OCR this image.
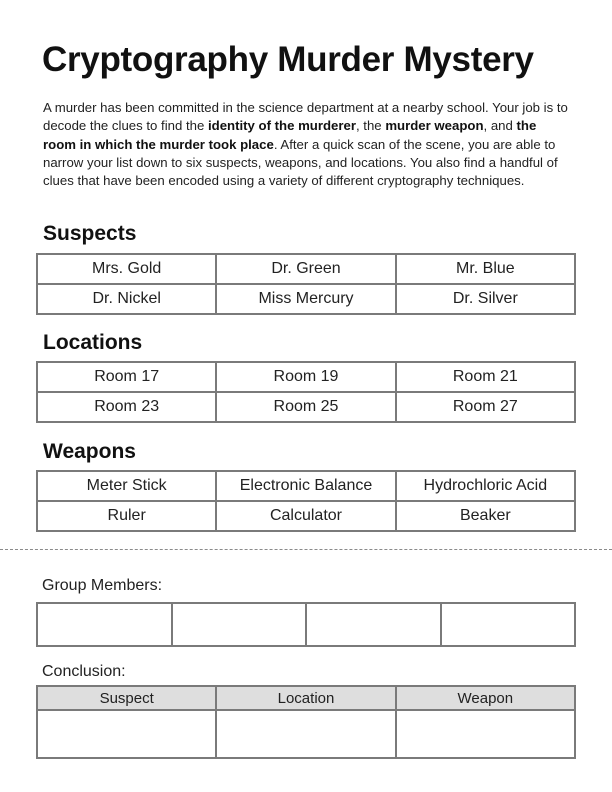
Cryptography Murder Mystery

A murder has been committed in the science department at a nearby school. Your job is to decode the clues to find the identity of the murderer, the murder weapon, and the room in which the murder took place. After a quick scan of the scene, you are able to narrow your list down to six suspects, weapons, and locations. You also find a handful of clues that have been encoded using a variety of different cryptography techniques.

Suspects
Mrs. Gold	Dr. Green	Mr. Blue
Dr. Nickel	Miss Mercury	Dr. Silver
Locations
Room 17	Room 19	Room 21
Room 23	Room 25	Room 27
Weapons
Meter Stick	Electronic Balance	Hydrochloric Acid
Ruler	Calculator	Beaker

Group Members:

Conclusion:

Suspect	Location	Weapon
